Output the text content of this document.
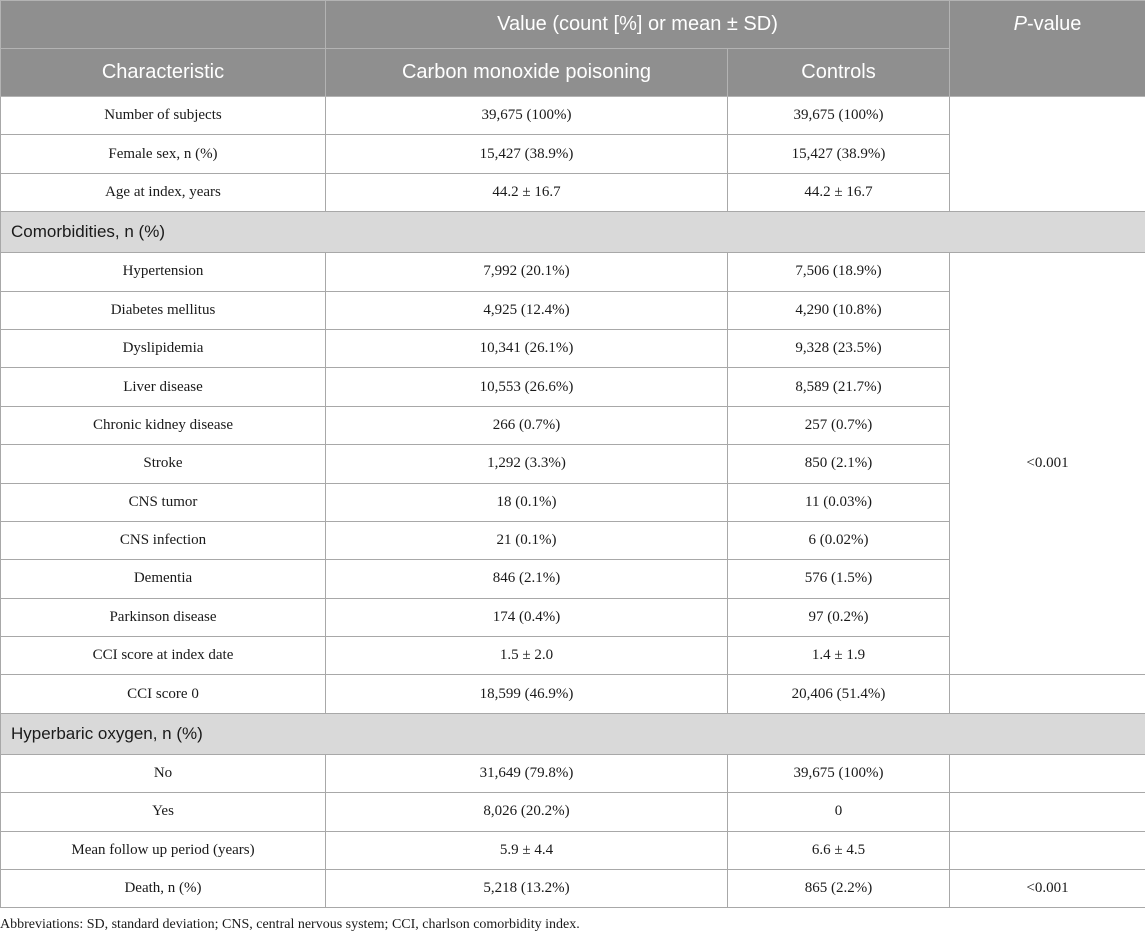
	Value (count [%] or mean ± SD)		P-value
Characteristic	Carbon monoxide poisoning	Controls	
Number of subjects	39,675 (100%)	39,675 (100%)	
Female sex, n (%)	15,427 (38.9%)	15,427 (38.9%)	
Age at index, years	44.2 ± 16.7	44.2 ± 16.7	
Comorbidities, n (%)			
Hypertension	7,992 (20.1%)	7,506 (18.9%)	<0.001
Diabetes mellitus	4,925 (12.4%)	4,290 (10.8%)	
Dyslipidemia	10,341 (26.1%)	9,328 (23.5%)	
Liver disease	10,553 (26.6%)	8,589 (21.7%)	
Chronic kidney disease	266 (0.7%)	257 (0.7%)	
Stroke	1,292 (3.3%)	850 (2.1%)	
CNS tumor	18 (0.1%)	11 (0.03%)	
CNS infection	21 (0.1%)	6 (0.02%)	
Dementia	846 (2.1%)	576 (1.5%)	
Parkinson disease	174 (0.4%)	97 (0.2%)	
CCI score at index date	1.5 ± 2.0	1.4 ± 1.9	
CCI score 0	18,599 (46.9%)	20,406 (51.4%)	
Hyperbaric oxygen, n (%)			
No	31,649 (79.8%)	39,675 (100%)	
Yes	8,026 (20.2%)	0	
Mean follow up period (years)	5.9 ± 4.4	6.6 ± 4.5	
Death, n (%)	5,218 (13.2%)	865 (2.2%)	<0.001
Abbreviations: SD, standard deviation; CNS, central nervous system; CCI, charlson comorbidity index.
